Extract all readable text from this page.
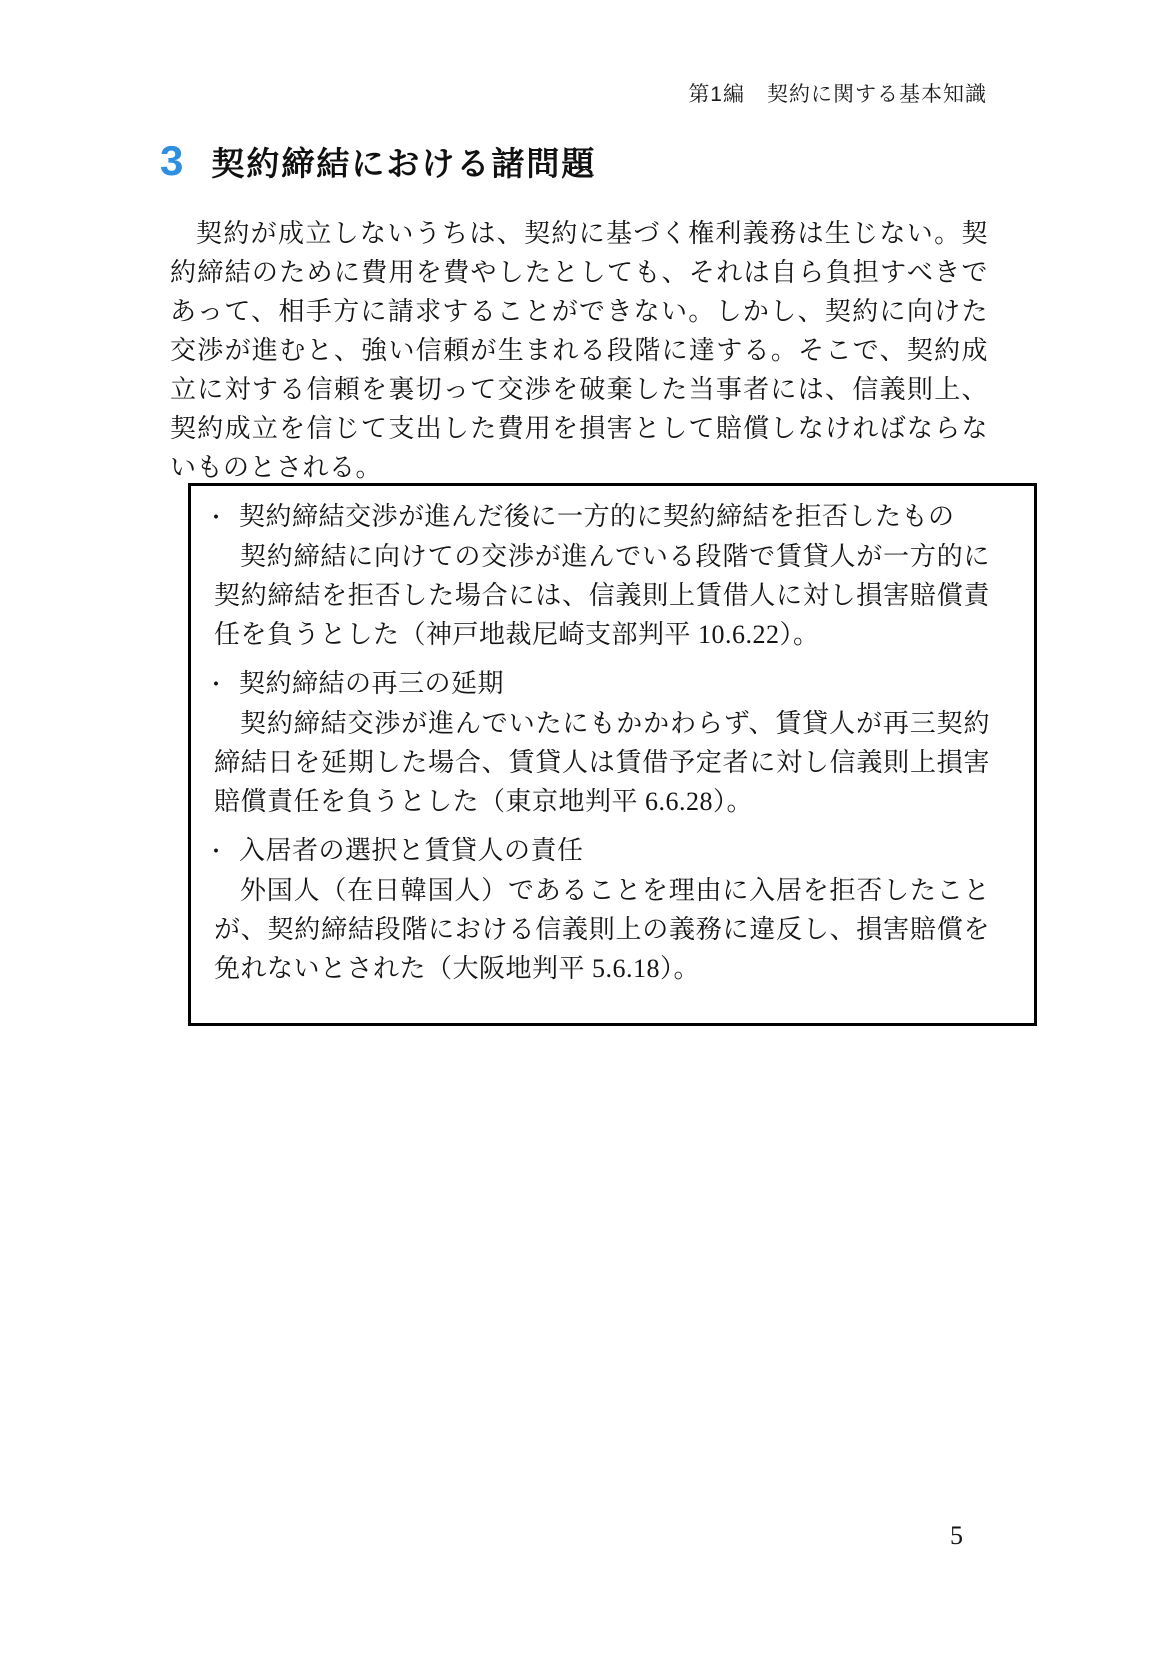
第1編　契約に関する基本知識
3 契約締結における諸問題

契約が成立しないうちは、契約に基づく権利義務は生じない。契約締結のために費用を費やしたとしても、それは自ら負担すべきであって、相手方に請求することができない。しかし、契約に向けた交渉が進むと、強い信頼が生まれる段階に達する。そこで、契約成立に対する信頼を裏切って交渉を破棄した当事者には、信義則上、契約成立を信じて支出した費用を損害として賠償しなければならないものとされる。

・ 契約締結交渉が進んだ後に一方的に契約締結を拒否したもの

契約締結に向けての交渉が進んでいる段階で賃貸人が一方的に契約締結を拒否した場合には、信義則上賃借人に対し損害賠償責任を負うとした（神戸地裁尼崎支部判平 10.6.22）。

・ 契約締結の再三の延期

契約締結交渉が進んでいたにもかかわらず、賃貸人が再三契約締結日を延期した場合、賃貸人は賃借予定者に対し信義則上損害賠償責任を負うとした（東京地判平 6.6.28）。

・ 入居者の選択と賃貸人の責任

外国人（在日韓国人）であることを理由に入居を拒否したことが、契約締結段階における信義則上の義務に違反し、損害賠償を免れないとされた（大阪地判平 5.6.18）。

5
